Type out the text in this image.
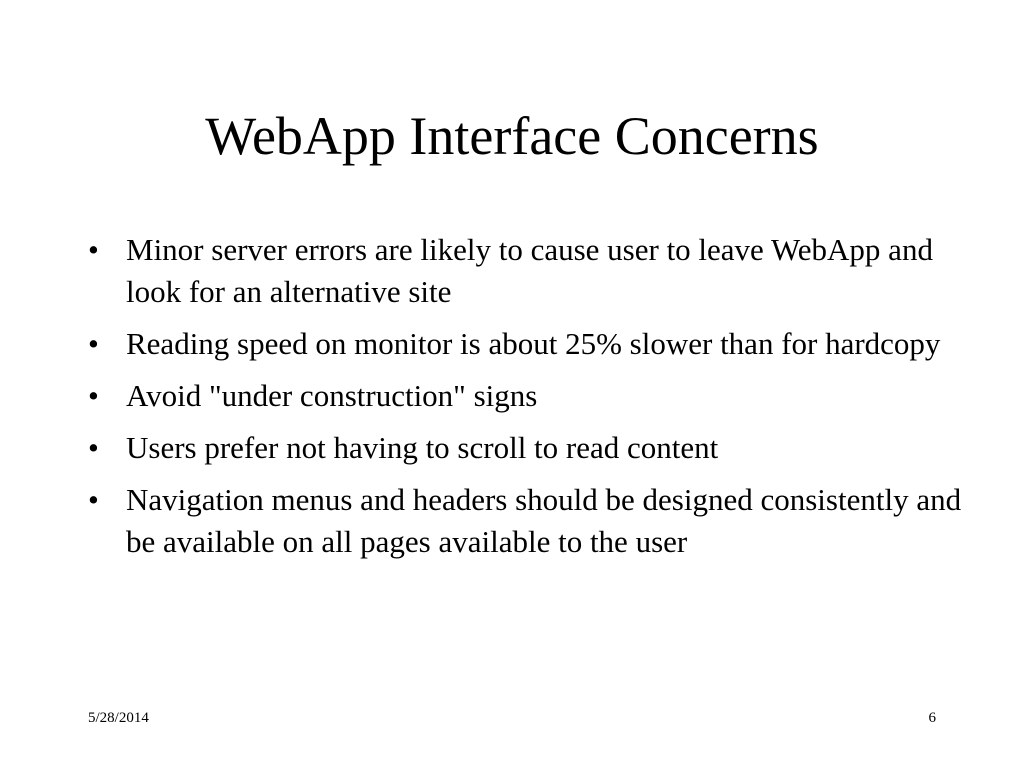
WebApp Interface Concerns
• Minor server errors are likely to cause user to leave WebApp and look for an alternative site
• Reading speed on monitor is about 25% slower than for hardcopy
• Avoid "under construction" signs
• Users prefer not having to scroll to read content
• Navigation menus and headers should be designed consistently and be available on all pages available to the user
5/28/2014	6
